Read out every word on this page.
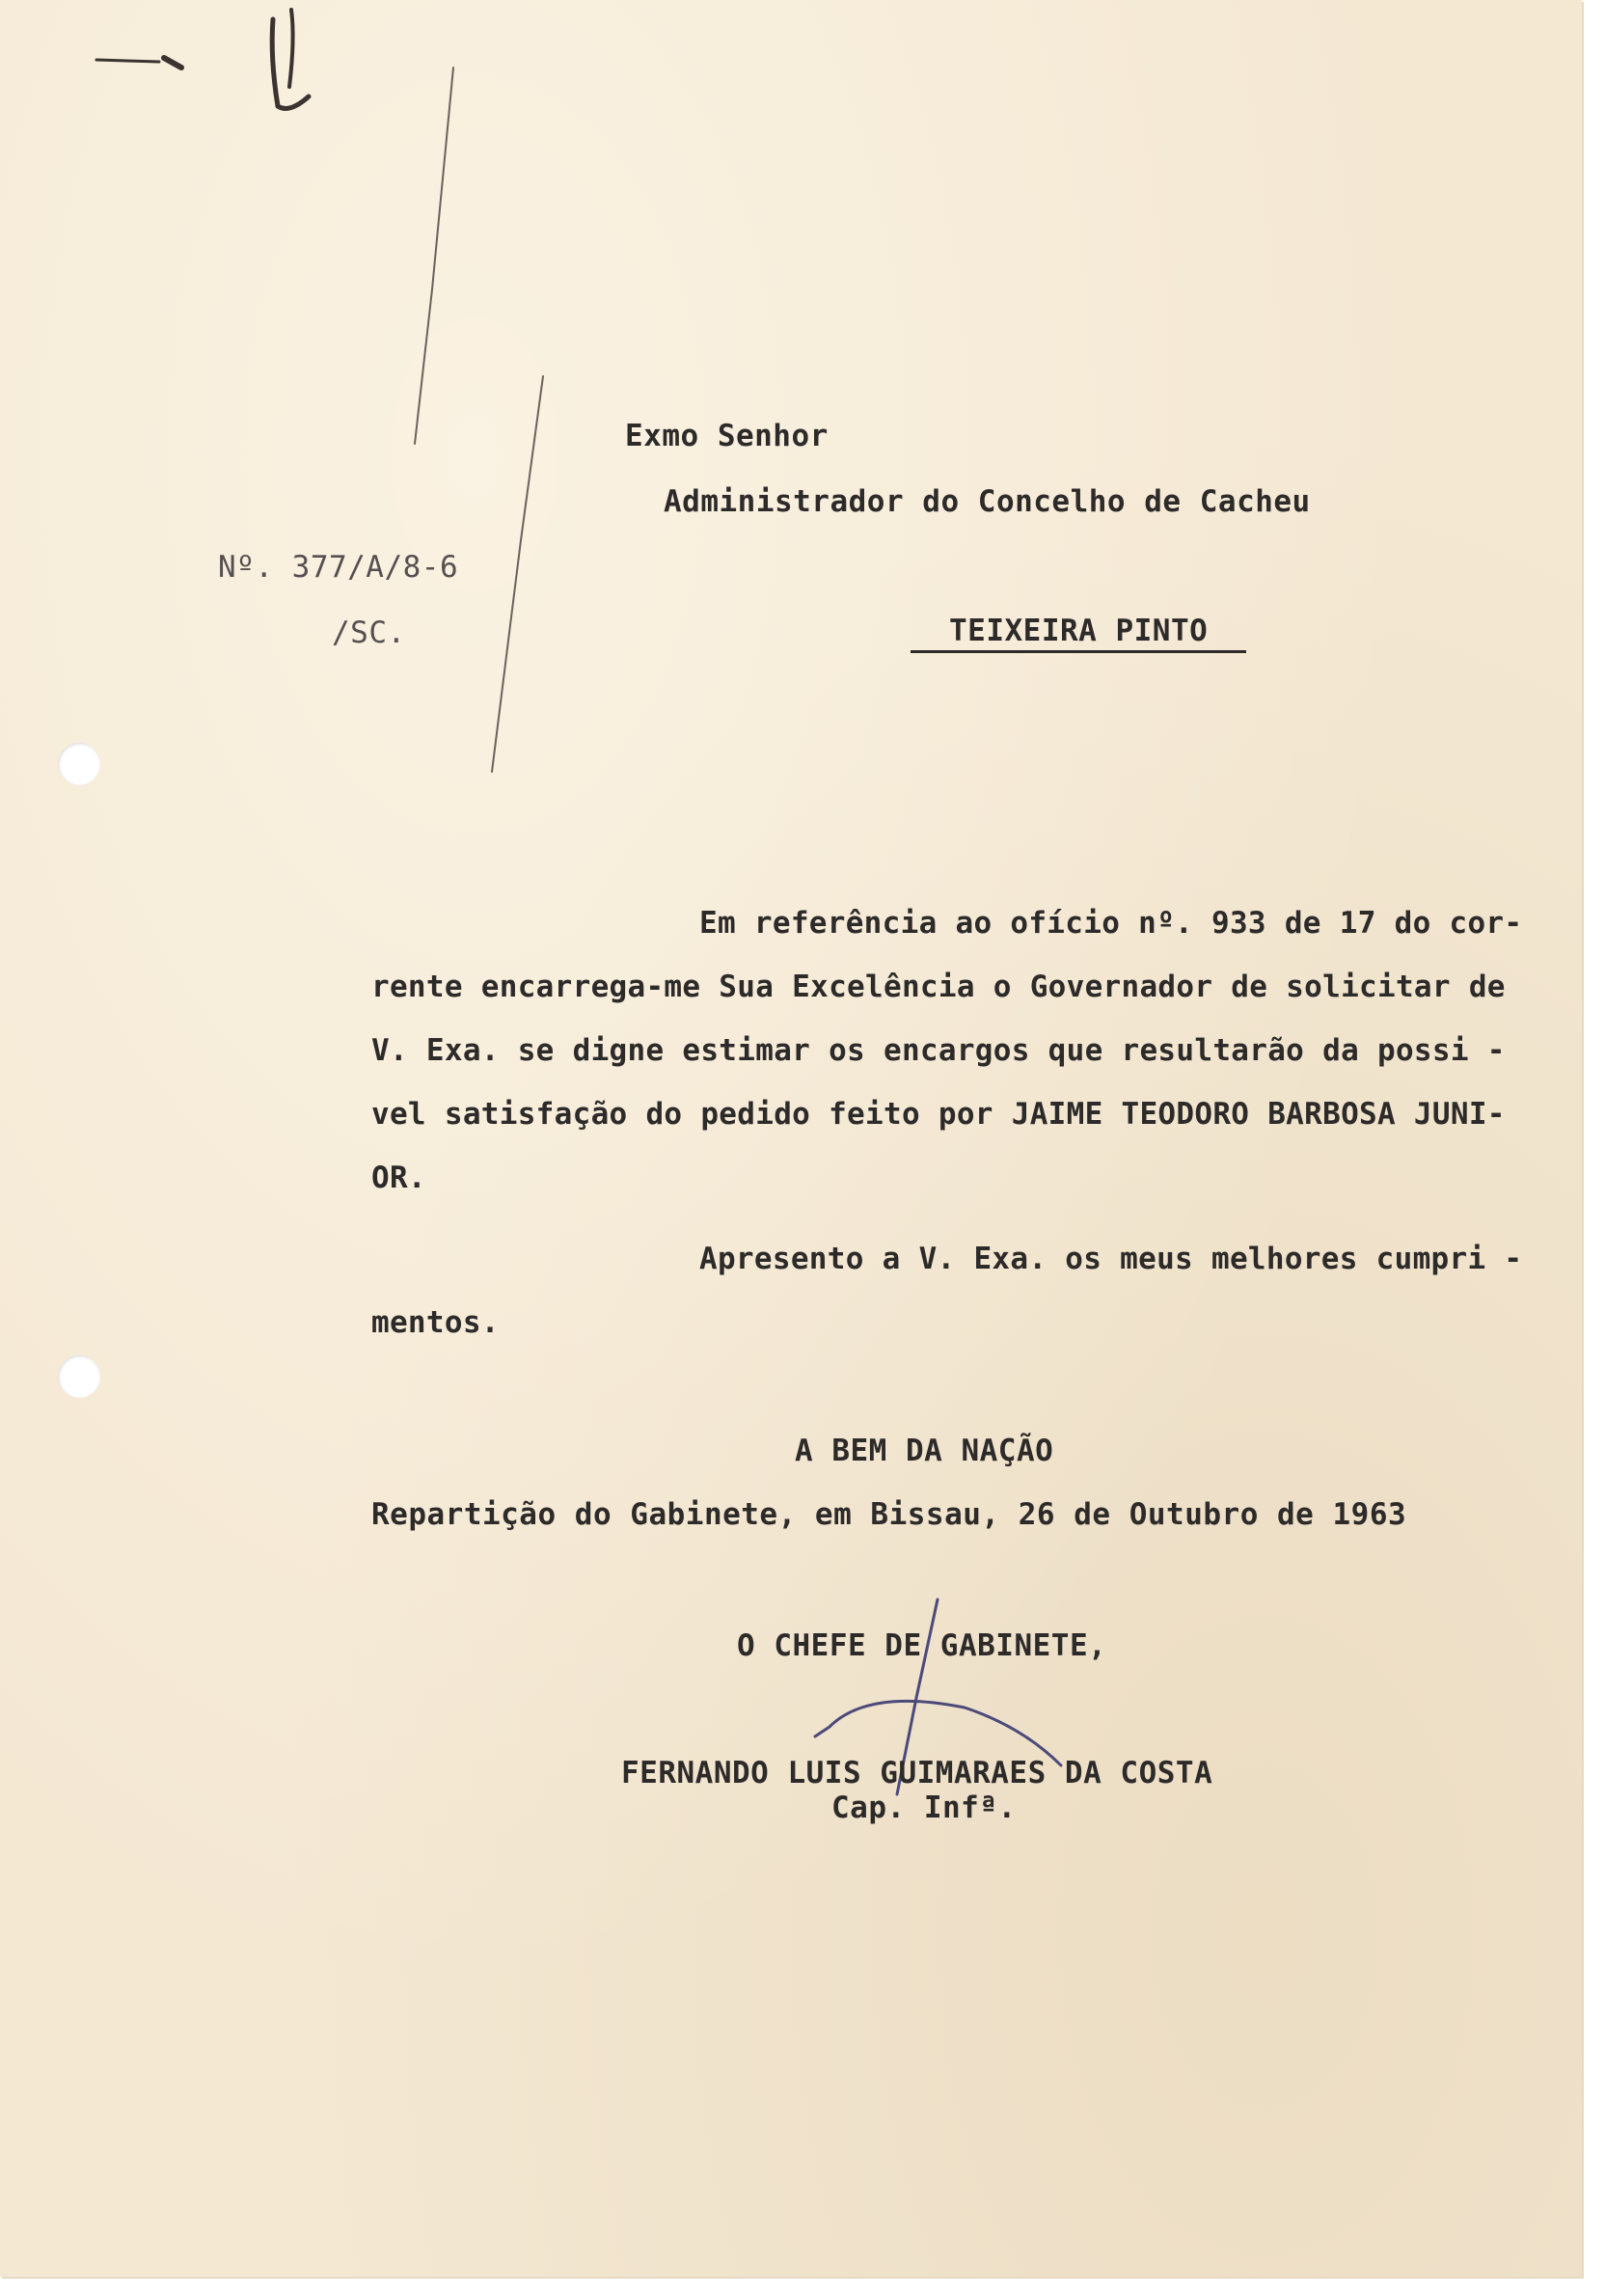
Exmo Senhor
Administrador do Concelho de Cacheu
TEIXEIRA PINTO
Nº. 377/A/8-6
/SC.
Em referência ao ofício nº. 933 de 17 do cor-
rente encarrega-me Sua Excelência o Governador de solicitar de
V. Exa. se digne estimar os encargos que resultarão da possi -
vel satisfação do pedido feito por JAIME TEODORO BARBOSA JUNI-
OR.
Apresento a V. Exa. os meus melhores cumpri -
mentos.
A BEM DA NAÇÃO
Repartição do Gabinete, em Bissau, 26 de Outubro de 1963
O CHEFE DE GABINETE,
FERNANDO LUIS GUIMARAES DA COSTA
Cap. Infª.
